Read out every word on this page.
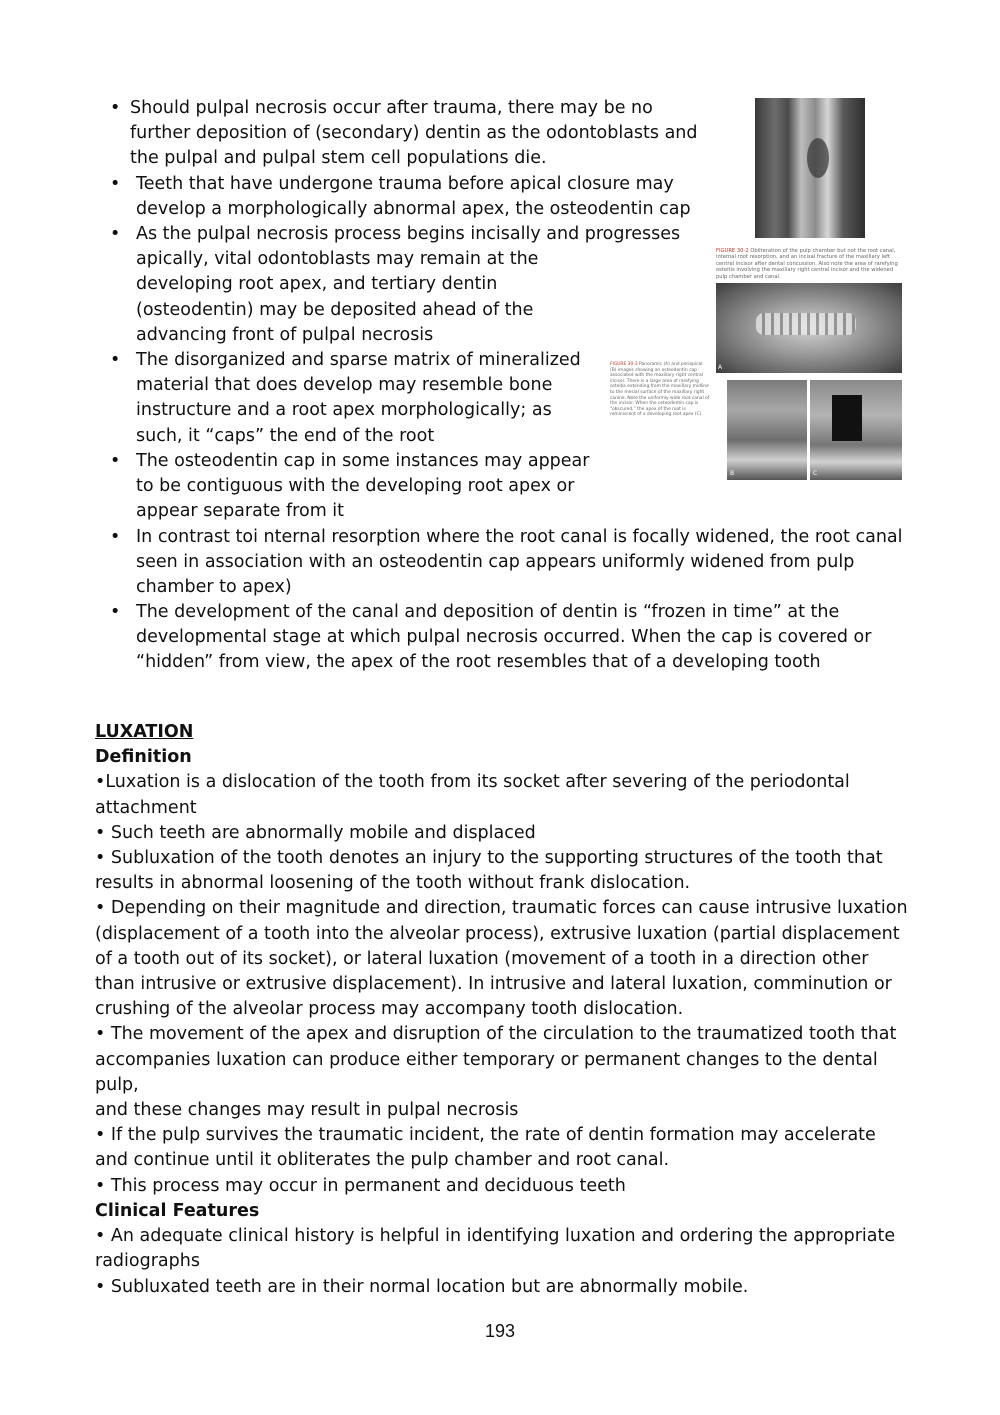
• Should pulpal necrosis occur after trauma, there may be no
further deposition of (secondary) dentin as the odontoblasts and
the pulpal and pulpal stem cell populations die.
• Teeth that have undergone trauma before apical closure may
develop a morphologically abnormal apex, the osteodentin cap
• As the pulpal necrosis process begins incisally and progresses
apically, vital odontoblasts may remain at the
developing root apex, and tertiary dentin
(osteodentin) may be deposited ahead of the
advancing front of pulpal necrosis
• The disorganized and sparse matrix of mineralized
material that does develop may resemble bone
instructure and a root apex morphologically; as
such, it “caps” the end of the root
• The osteodentin cap in some instances may appear
to be contiguous with the developing root apex or
appear separate from it
• In contrast toi nternal resorption where the root canal is focally widened, the root canal
seen in association with an osteodentin cap appears uniformly widened from pulp
chamber to apex)
• The development of the canal and deposition of dentin is “frozen in time” at the
developmental stage at which pulpal necrosis occurred. When the cap is covered or
“hidden” from view, the apex of the root resembles that of a developing tooth
FIGURE 30-2 Obliteration of the pulp chamber but not the root canal, internal root resorption, and an incisal fracture of the maxillary left central incisor after dental concussion. Also note the area of rarefying osteitis involving the maxillary right central incisor and the widened pulp chamber and canal.
A
FIGURE 30-3 Panoramic (A) and periapical (B) images showing an osteodentin cap associated with the maxillary right central incisor. There is a large area of rarefying osteitis extending from the maxillary midline to the mesial surface of the maxillary right canine. Note the uniformly wide root canal of the incisor. When the osteodentin cap is “obscured,” the apex of the root is reminiscent of a developing root apex (C).
B	C

LUXATION

Definition

•Luxation is a dislocation of the tooth from its socket after severing of the periodontal

attachment

• Such teeth are abnormally mobile and displaced

• Subluxation of the tooth denotes an injury to the supporting structures of the tooth that

results in abnormal loosening of the tooth without frank dislocation.

• Depending on their magnitude and direction, traumatic forces can cause intrusive luxation

(displacement of a tooth into the alveolar process), extrusive luxation (partial displacement

of a tooth out of its socket), or lateral luxation (movement of a tooth in a direction other

than intrusive or extrusive displacement). In intrusive and lateral luxation, comminution or

crushing of the alveolar process may accompany tooth dislocation.

• The movement of the apex and disruption of the circulation to the traumatized tooth that

accompanies luxation can produce either temporary or permanent changes to the dental pulp,

and these changes may result in pulpal necrosis

• If the pulp survives the traumatic incident, the rate of dentin formation may accelerate

and continue until it obliterates the pulp chamber and root canal.

• This process may occur in permanent and deciduous teeth

Clinical Features

• An adequate clinical history is helpful in identifying luxation and ordering the appropriate

radiographs

• Subluxated teeth are in their normal location but are abnormally mobile.

193
